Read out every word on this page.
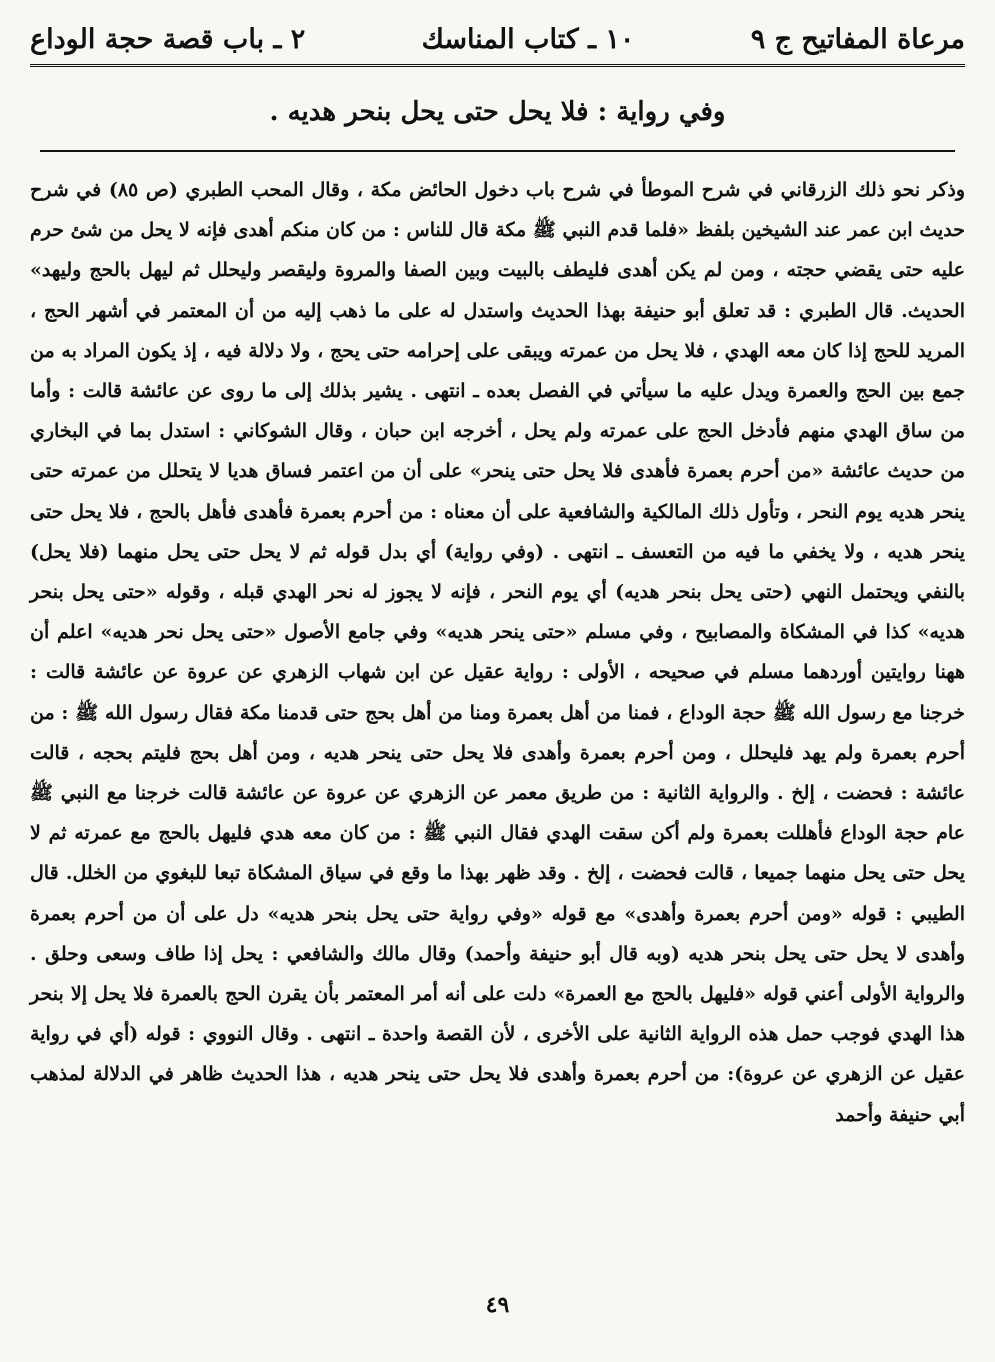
مرعاة المفاتيح ج ٩
١٠ ـ كتاب المناسك
٢ ـ باب قصة حجة الوداع
وفي رواية : فلا يحل حتى يحل بنحر هديه .

وذكر نحو ذلك الزرقاني في شرح الموطأ في شرح باب دخول الحائض مكة ، وقال المحب الطبري (ص ٨٥) في شرح حديث ابن عمر عند الشيخين بلفظ «فلما قدم النبي ﷺ مكة قال للناس : من كان منكم أهدى فإنه لا يحل من شئ حرم عليه حتى يقضي حجته ، ومن لم يكن أهدى فليطف بالبيت وبين الصفا والمروة وليقصر وليحلل ثم ليهل بالحج وليهد» الحديث. قال الطبري : قد تعلق أبو حنيفة بهذا الحديث واستدل له على ما ذهب إليه من أن المعتمر في أشهر الحج ، المريد للحج إذا كان معه الهدي ، فلا يحل من عمرته ويبقى على إحرامه حتى يحج ، ولا دلالة فيه ، إذ يكون المراد به من جمع بين الحج والعمرة ويدل عليه ما سيأتي في الفصل بعده ـ انتهى . يشير بذلك إلى ما روى عن عائشة قالت : وأما من ساق الهدي منهم فأدخل الحج على عمرته ولم يحل ، أخرجه ابن حبان ، وقال الشوكاني : استدل بما في البخاري من حديث عائشة «من أحرم بعمرة فأهدى فلا يحل حتى ينحر» على أن من اعتمر فساق هديا لا يتحلل من عمرته حتى ينحر هديه يوم النحر ، وتأول ذلك المالكية والشافعية على أن معناه : من أحرم بعمرة فأهدى فأهل بالحج ، فلا يحل حتى ينحر هديه ، ولا يخفي ما فيه من التعسف ـ انتهى . (وفي رواية) أي بدل قوله ثم لا يحل حتى يحل منهما (فلا يحل) بالنفي ويحتمل النهي (حتى يحل بنحر هديه) أي يوم النحر ، فإنه لا يجوز له نحر الهدي قبله ، وقوله «حتى يحل بنحر هديه» كذا في المشكاة والمصابيح ، وفي مسلم «حتى ينحر هديه» وفي جامع الأصول «حتى يحل نحر هديه» اعلم أن ههنا روايتين أوردهما مسلم في صحيحه ، الأولى : رواية عقيل عن ابن شهاب الزهري عن عروة عن عائشة قالت : خرجنا مع رسول الله ﷺ حجة الوداع ، فمنا من أهل بعمرة ومنا من أهل بحج حتى قدمنا مكة فقال رسول الله ﷺ : من أحرم بعمرة ولم يهد فليحلل ، ومن أحرم بعمرة وأهدى فلا يحل حتى ينحر هديه ، ومن أهل بحج فليتم بحجه ، قالت عائشة : فحضت ، إلخ . والرواية الثانية : من طريق معمر عن الزهري عن عروة عن عائشة قالت خرجنا مع النبي ﷺ عام حجة الوداع فأهللت بعمرة ولم أكن سقت الهدي فقال النبي ﷺ : من كان معه هدي فليهل بالحج مع عمرته ثم لا يحل حتى يحل منهما جميعا ، قالت فحضت ، إلخ . وقد ظهر بهذا ما وقع في سياق المشكاة تبعا للبغوي من الخلل. قال الطيبي : قوله «ومن أحرم بعمرة وأهدى» مع قوله «وفي رواية حتى يحل بنحر هديه» دل على أن من أحرم بعمرة وأهدى لا يحل حتى يحل بنحر هديه (وبه قال أبو حنيفة وأحمد) وقال مالك والشافعي : يحل إذا طاف وسعى وحلق . والرواية الأولى أعني قوله «فليهل بالحج مع العمرة» دلت على أنه أمر المعتمر بأن يقرن الحج بالعمرة فلا يحل إلا بنحر هذا الهدي فوجب حمل هذه الرواية الثانية على الأخرى ، لأن القصة واحدة ـ انتهى . وقال النووي : قوله (أي في رواية عقيل عن الزهري عن عروة): من أحرم بعمرة وأهدى فلا يحل حتى ينحر هديه ، هذا الحديث ظاهر في الدلالة لمذهب أبي حنيفة وأحمد

٤٩
